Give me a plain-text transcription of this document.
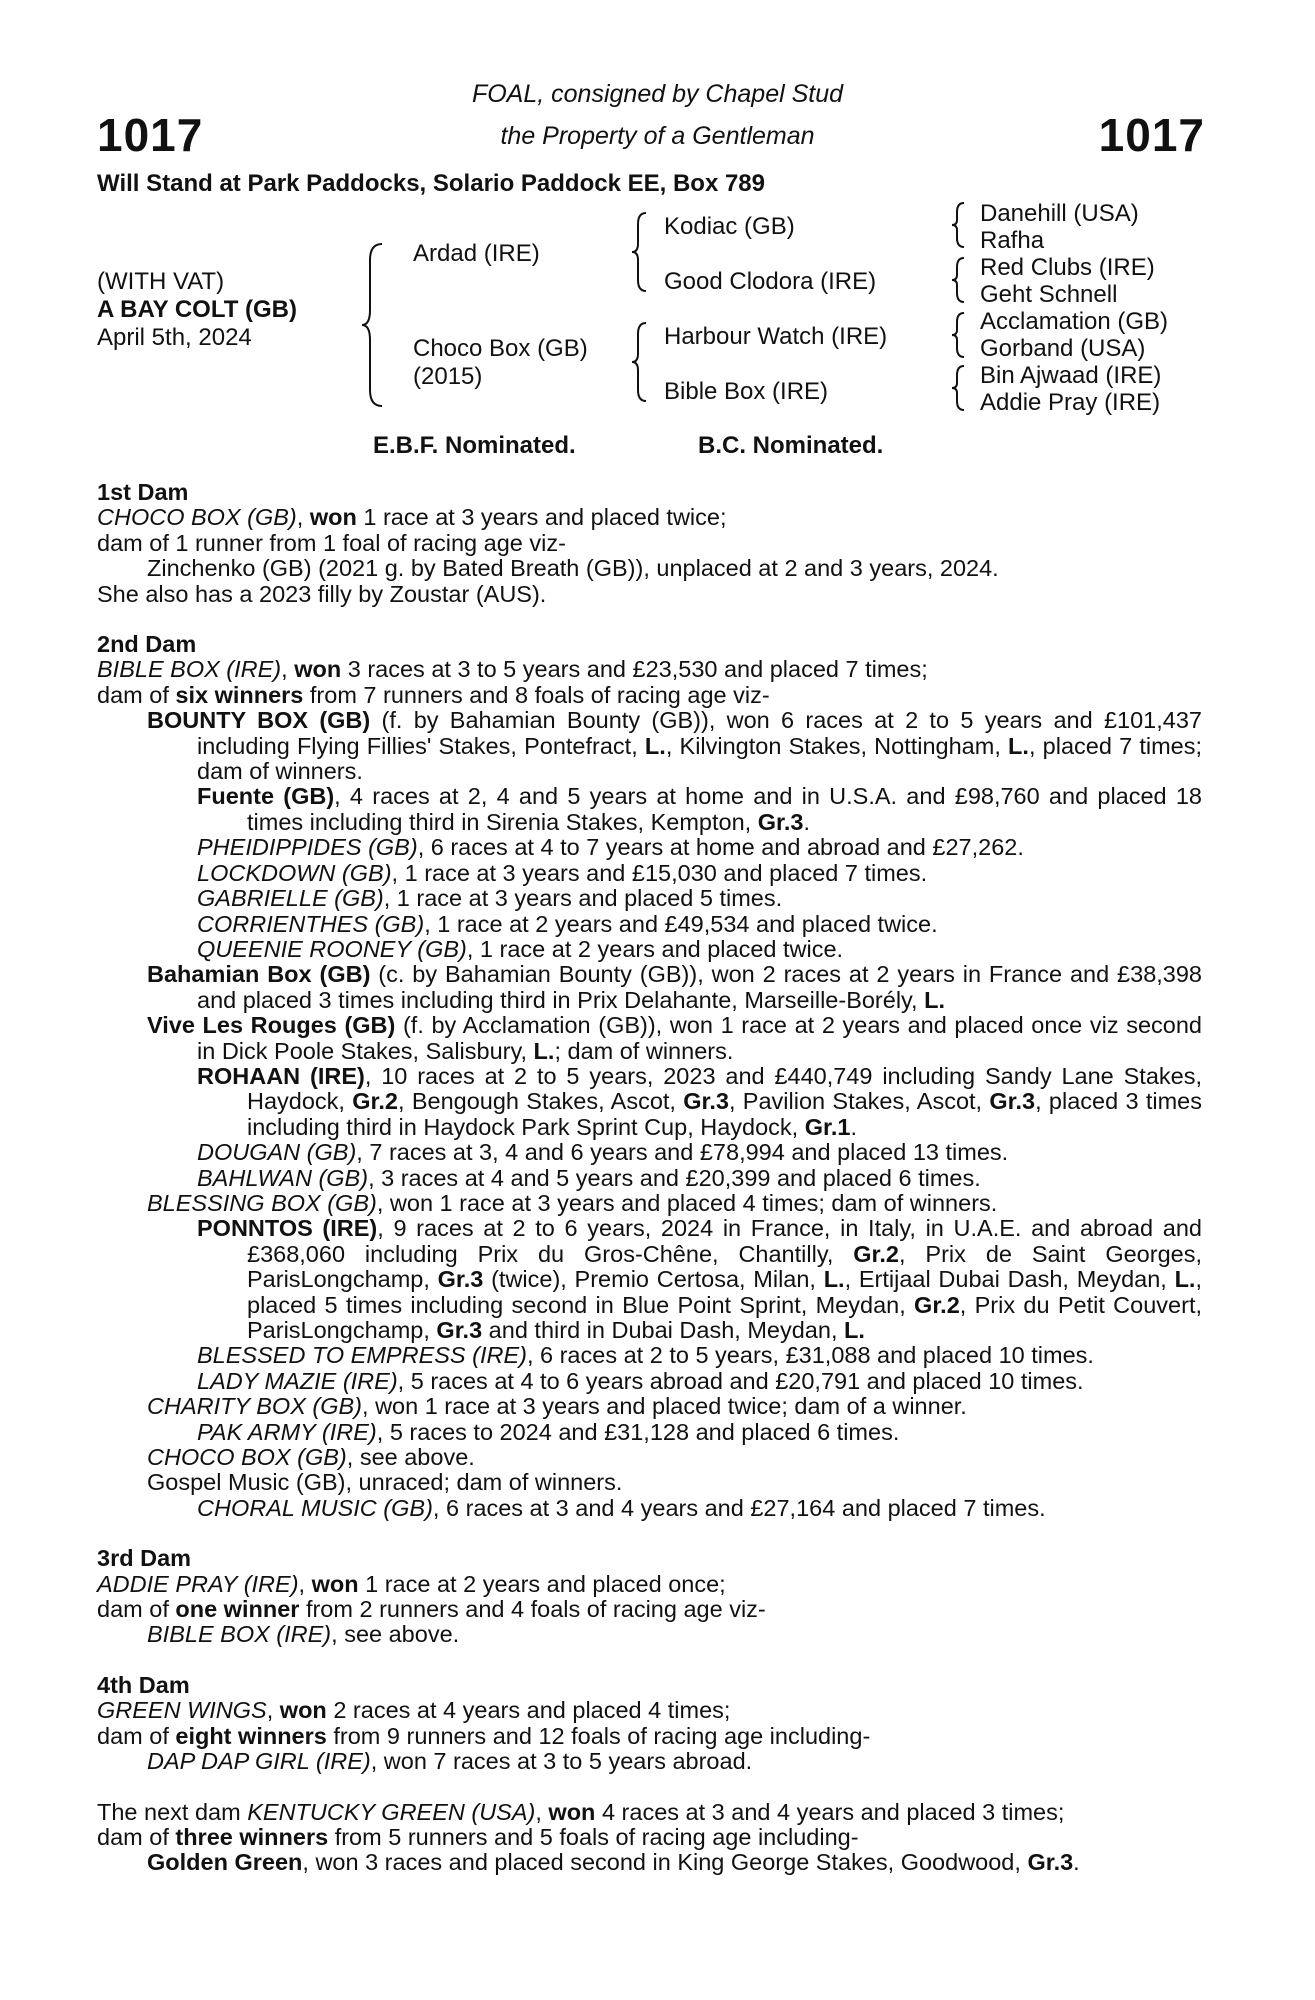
1017	1017
FOAL, consigned by Chapel Stud
the Property of a Gentleman
Will Stand at Park Paddocks, Solario Paddock EE, Box 789
(WITH VAT)
A BAY COLT (GB)
April 5th, 2024
Ardad (IRE)
Choco Box (GB)
(2015)
Kodiac (GB)
Good Clodora (IRE)
Harbour Watch (IRE)
Bible Box (IRE)
Danehill (USA)
Rafha
Red Clubs (IRE)
Geht Schnell
Acclamation (GB)
Gorband (USA)
Bin Ajwaad (IRE)
Addie Pray (IRE)
E.B.F. Nominated.	B.C. Nominated.

1st Dam

CHOCO BOX (GB), won 1 race at 3 years and placed twice;

dam of 1 runner from 1 foal of racing age viz-

Zinchenko (GB) (2021 g. by Bated Breath (GB)), unplaced at 2 and 3 years, 2024.

She also has a 2023 filly by Zoustar (AUS).

2nd Dam

BIBLE BOX (IRE), won 3 races at 3 to 5 years and £23,530 and placed 7 times;

dam of six winners from 7 runners and 8 foals of racing age viz-

BOUNTY BOX (GB) (f. by Bahamian Bounty (GB)), won 6 races at 2 to 5 years and £101,437 including Flying Fillies' Stakes, Pontefract, L., Kilvington Stakes, Nottingham, L., placed 7 times; dam of winners.

Fuente (GB), 4 races at 2, 4 and 5 years at home and in U.S.A. and £98,760 and placed 18 times including third in Sirenia Stakes, Kempton, Gr.3.

PHEIDIPPIDES (GB), 6 races at 4 to 7 years at home and abroad and £27,262.

LOCKDOWN (GB), 1 race at 3 years and £15,030 and placed 7 times.

GABRIELLE (GB), 1 race at 3 years and placed 5 times.

CORRIENTHES (GB), 1 race at 2 years and £49,534 and placed twice.

QUEENIE ROONEY (GB), 1 race at 2 years and placed twice.

Bahamian Box (GB) (c. by Bahamian Bounty (GB)), won 2 races at 2 years in France and £38,398 and placed 3 times including third in Prix Delahante, Marseille-Borély, L.

Vive Les Rouges (GB) (f. by Acclamation (GB)), won 1 race at 2 years and placed once viz second in Dick Poole Stakes, Salisbury, L.; dam of winners.

ROHAAN (IRE), 10 races at 2 to 5 years, 2023 and £440,749 including Sandy Lane Stakes, Haydock, Gr.2, Bengough Stakes, Ascot, Gr.3, Pavilion Stakes, Ascot, Gr.3, placed 3 times including third in Haydock Park Sprint Cup, Haydock, Gr.1.

DOUGAN (GB), 7 races at 3, 4 and 6 years and £78,994 and placed 13 times.

BAHLWAN (GB), 3 races at 4 and 5 years and £20,399 and placed 6 times.

BLESSING BOX (GB), won 1 race at 3 years and placed 4 times; dam of winners.

PONNTOS (IRE), 9 races at 2 to 6 years, 2024 in France, in Italy, in U.A.E. and abroad and £368,060 including Prix du Gros-Chêne, Chantilly, Gr.2, Prix de Saint Georges, ParisLongchamp, Gr.3 (twice), Premio Certosa, Milan, L., Ertijaal Dubai Dash, Meydan, L., placed 5 times including second in Blue Point Sprint, Meydan, Gr.2, Prix du Petit Couvert, ParisLongchamp, Gr.3 and third in Dubai Dash, Meydan, L.

BLESSED TO EMPRESS (IRE), 6 races at 2 to 5 years, £31,088 and placed 10 times.

LADY MAZIE (IRE), 5 races at 4 to 6 years abroad and £20,791 and placed 10 times.

CHARITY BOX (GB), won 1 race at 3 years and placed twice; dam of a winner.

PAK ARMY (IRE), 5 races to 2024 and £31,128 and placed 6 times.

CHOCO BOX (GB), see above.

Gospel Music (GB), unraced; dam of winners.

CHORAL MUSIC (GB), 6 races at 3 and 4 years and £27,164 and placed 7 times.

3rd Dam

ADDIE PRAY (IRE), won 1 race at 2 years and placed once;

dam of one winner from 2 runners and 4 foals of racing age viz-

BIBLE BOX (IRE), see above.

4th Dam

GREEN WINGS, won 2 races at 4 years and placed 4 times;

dam of eight winners from 9 runners and 12 foals of racing age including-

DAP DAP GIRL (IRE), won 7 races at 3 to 5 years abroad.

The next dam KENTUCKY GREEN (USA), won 4 races at 3 and 4 years and placed 3 times;

dam of three winners from 5 runners and 5 foals of racing age including-

Golden Green, won 3 races and placed second in King George Stakes, Goodwood, Gr.3.
